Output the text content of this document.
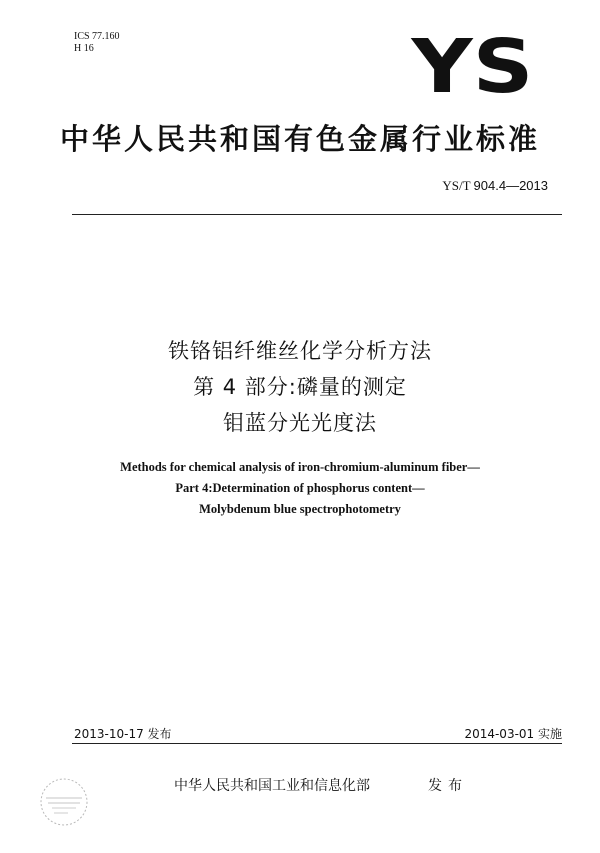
ICS 77.160
H 16	YS
中华人民共和国有色金属行业标准
YS/T 904.4—2013
铁铬铝纤维丝化学分析方法
第 4 部分:磷量的测定
钼蓝分光光度法
Methods for chemical analysis of iron-chromium-aluminum fiber—
Part 4:Determination of phosphorus content—
Molybdenum blue spectrophotometry
2013-10-17 发布	2014-03-01 实施
中华人民共和国工业和信息化部	发布
